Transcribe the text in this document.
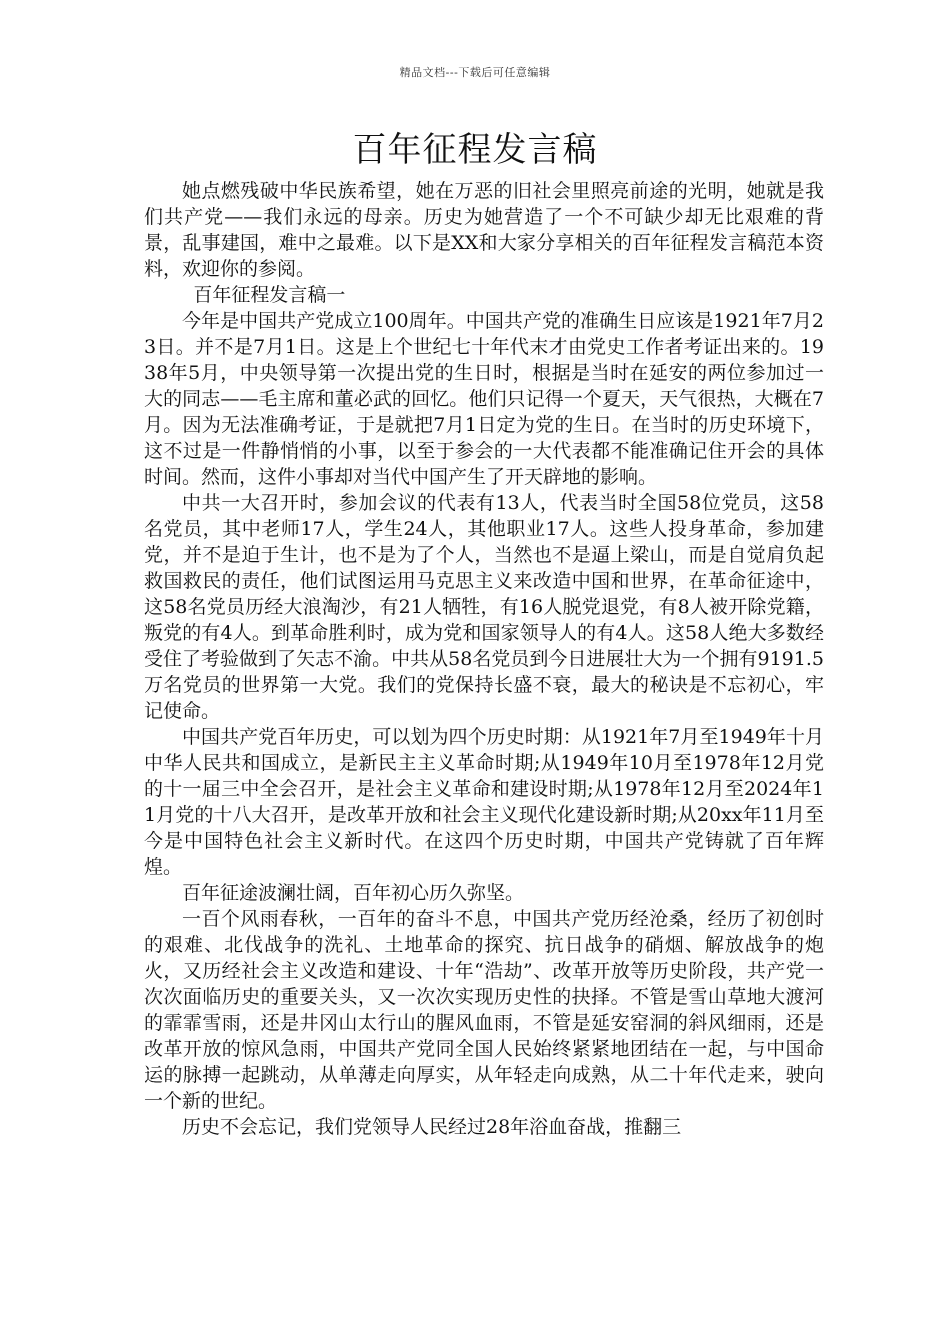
精品文档---下载后可任意编辑
百年征程发言稿

她点燃残破中华民族希望，她在万恶的旧社会里照亮前途的光明，她就是我们共产党——我们永远的母亲。历史为她营造了一个不可缺少却无比艰难的背景，乱事建国，难中之最难。以下是XX和大家分享相关的百年征程发言稿范本资料，欢迎你的参阅。

百年征程发言稿一

今年是中国共产党成立100周年。中国共产党的准确生日应该是1921年7月23日。并不是7月1日。这是上个世纪七十年代末才由党史工作者考证出来的。1938年5月，中央领导第一次提出党的生日时，根据是当时在延安的两位参加过一大的同志——毛主席和董必武的回忆。他们只记得一个夏天，天气很热，大概在7月。因为无法准确考证，于是就把7月1日定为党的生日。在当时的历史环境下，这不过是一件静悄悄的小事，以至于参会的一大代表都不能准确记住开会的具体时间。然而，这件小事却对当代中国产生了开天辟地的影响。

中共一大召开时，参加会议的代表有13人，代表当时全国58位党员，这58名党员，其中老师17人，学生24人，其他职业17人。这些人投身革命，参加建党，并不是迫于生计，也不是为了个人，当然也不是逼上梁山，而是自觉肩负起救国救民的责任，他们试图运用马克思主义来改造中国和世界，在革命征途中，这58名党员历经大浪淘沙，有21人牺牲，有16人脱党退党，有8人被开除党籍，叛党的有4人。到革命胜利时，成为党和国家领导人的有4人。这58人绝大多数经受住了考验做到了矢志不渝。中共从58名党员到今日进展壮大为一个拥有9191.5万名党员的世界第一大党。我们的党保持长盛不衰，最大的秘诀是不忘初心，牢记使命。

中国共产党百年历史，可以划为四个历史时期：从1921年7月至1949年十月中华人民共和国成立，是新民主主义革命时期;从1949年10月至1978年12月党的十一届三中全会召开，是社会主义革命和建设时期;从1978年12月至2024年11月党的十八大召开，是改革开放和社会主义现代化建设新时期;从20xx年11月至今是中国特色社会主义新时代。在这四个历史时期，中国共产党铸就了百年辉煌。

百年征途波澜壮阔，百年初心历久弥坚。

一百个风雨春秋，一百年的奋斗不息，中国共产党历经沧桑，经历了初创时的艰难、北伐战争的洗礼、土地革命的探究、抗日战争的硝烟、解放战争的炮火，又历经社会主义改造和建设、十年“浩劫”、改革开放等历史阶段，共产党一次次面临历史的重要关头，又一次次实现历史性的抉择。不管是雪山草地大渡河的霏霏雪雨，还是井冈山太行山的腥风血雨，不管是延安窑洞的斜风细雨，还是改革开放的惊风急雨，中国共产党同全国人民始终紧紧地团结在一起，与中国命运的脉搏一起跳动，从单薄走向厚实，从年轻走向成熟，从二十年代走来，驶向一个新的世纪。

历史不会忘记，我们党领导人民经过28年浴血奋战，推翻三
